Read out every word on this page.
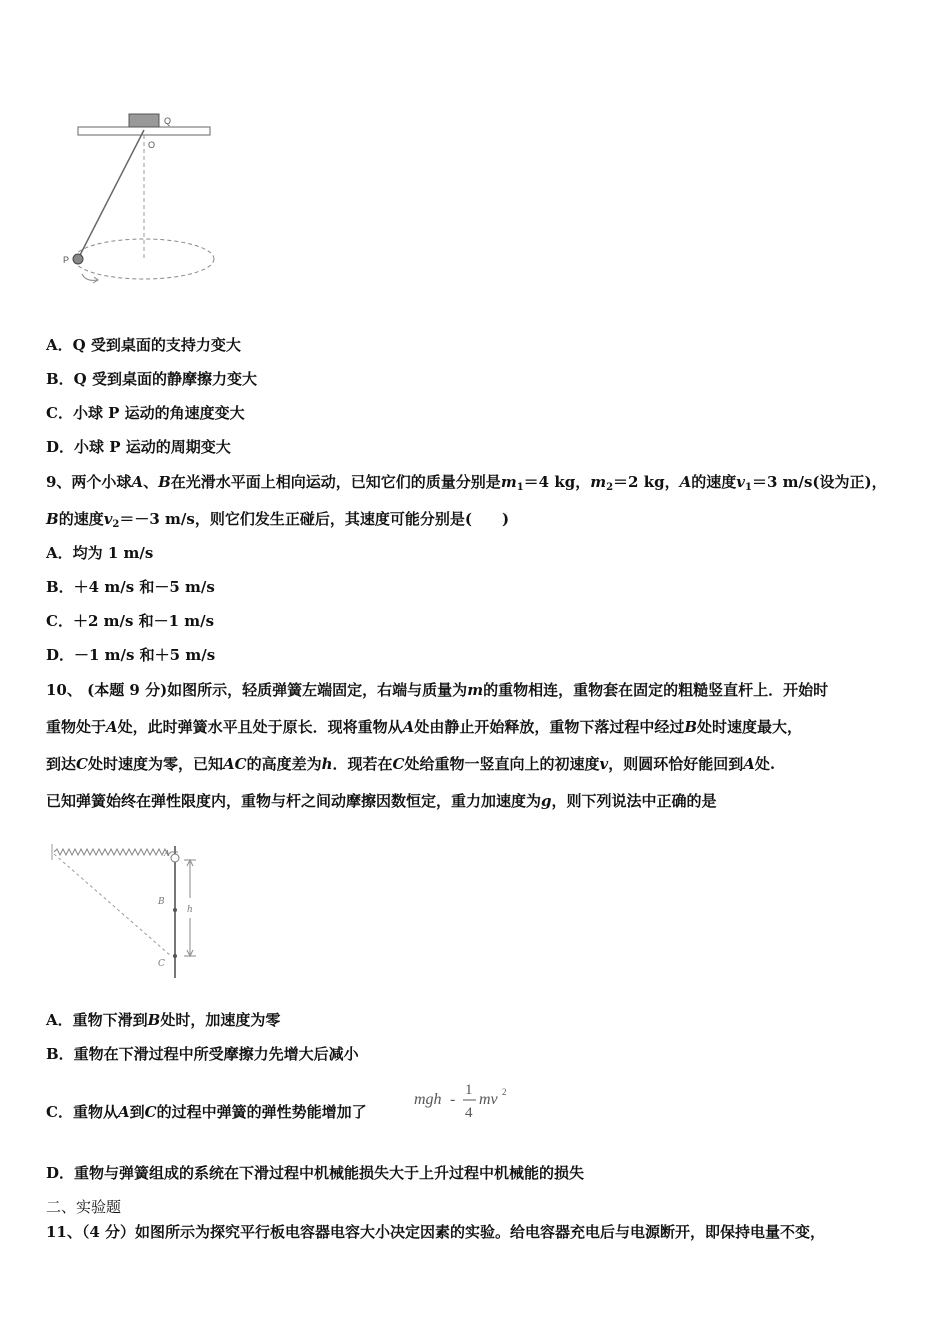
Q
O
P
A．Q 受到桌面的支持力变大
B．Q 受到桌面的静摩擦力变大
C．小球 P 运动的角速度变大
D．小球 P 运动的周期变大
9、两个小球A、B在光滑水平面上相向运动，已知它们的质量分别是$m_1=4$ kg，$m_2=2$ kg，A的速度$v_1=3$ m/s(设为正)，
B的速度$v_2=-3$ m/s，则它们发生正碰后，其速度可能分别是(　　)
A．均为 1 m/s
B．＋4 m/s 和－5 m/s
C．＋2 m/s 和－1 m/s
D．－1 m/s 和＋5 m/s
10、 (本题 9 分)如图所示，轻质弹簧左端固定，右端与质量为m的重物相连，重物套在固定的粗糙竖直杆上．开始时
重物处于A处，此时弹簧水平且处于原长．现将重物从A处由静止开始释放，重物下落过程中经过B处时速度最大，
到达C处时速度为零，已知AC的高度差为h．现若在C处给重物一竖直向上的初速度v，则圆环恰好能回到A处.
已知弹簧始终在弹性限度内，重物与杆之间动摩擦因数恒定，重力加速度为g，则下列说法中正确的是
A
B
C
h
A．重物下滑到B处时，加速度为零
B．重物在下滑过程中所受摩擦力先增大后减小
C．重物从A到C的过程中弹簧的弹性势能增加了
mgh -
1
4
mv 2
D．重物与弹簧组成的系统在下滑过程中机械能损失大于上升过程中机械能的损失
二、实验题
11、（4 分）如图所示为探究平行板电容器电容大小决定因素的实验。给电容器充电后与电源断开，即保持电量不变，
